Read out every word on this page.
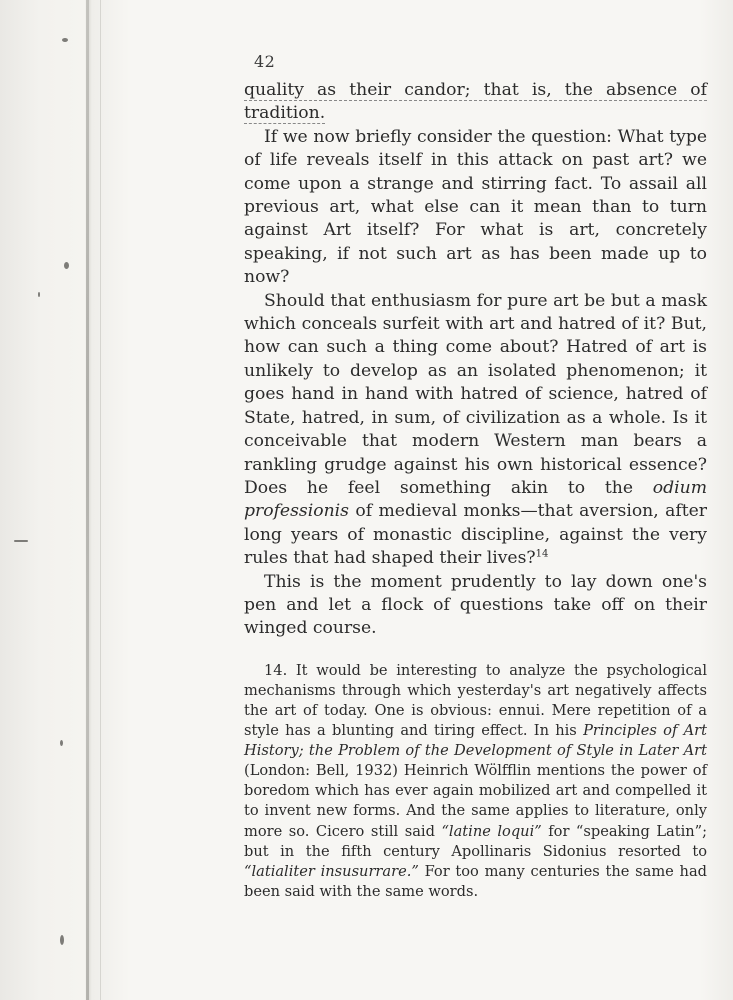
42

quality as their candor; that is, the absence of tradition.

If we now briefly consider the question: What type of life reveals itself in this attack on past art? we come upon a strange and stirring fact. To assail all previous art, what else can it mean than to turn against Art itself? For what is art, concretely speaking, if not such art as has been made up to now?

Should that enthusiasm for pure art be but a mask which conceals surfeit with art and hatred of it? But, how can such a thing come about? Hatred of art is unlikely to develop as an isolated phenomenon; it goes hand in hand with hatred of science, hatred of State, hatred, in sum, of civilization as a whole. Is it conceivable that modern Western man bears a rankling grudge against his own historical essence? Does he feel something akin to the odium professionis of medieval monks—that aversion, after long years of monastic discipline, against the very rules that had shaped their lives?$^{14}$

This is the moment prudently to lay down one's pen and let a flock of questions take off on their winged course.

14. It would be interesting to analyze the psychological mechanisms through which yesterday's art negatively affects the art of today. One is obvious: ennui. Mere repetition of a style has a blunting and tiring effect. In his Principles of Art History; the Problem of the Development of Style in Later Art (London: Bell, 1932) Heinrich Wölfflin mentions the power of boredom which has ever again mobilized art and compelled it to invent new forms. And the same applies to literature, only more so. Cicero still said “latine loqui” for “speaking Latin”; but in the fifth century Apollinaris Sidonius resorted to “latialiter insusurrare.” For too many centuries the same had been said with the same words.
